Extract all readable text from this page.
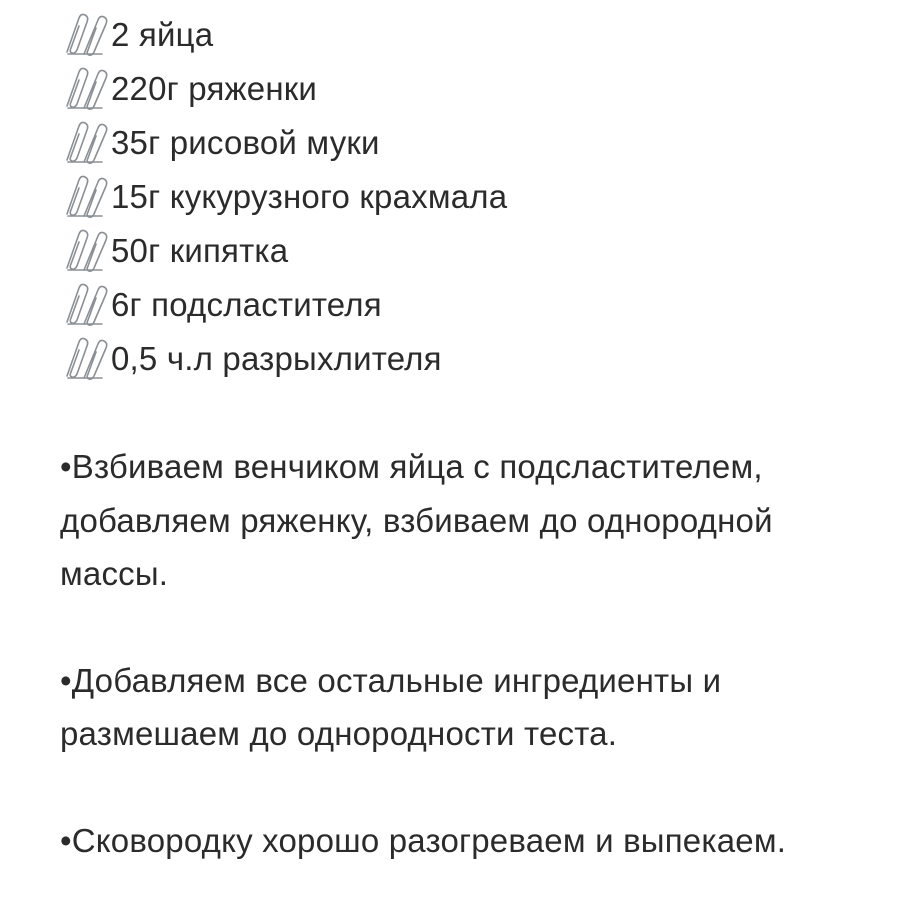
2 яйца
220г ряженки
35г рисовой муки
15г кукурузного крахмала
50г кипятка
6г подсластителя
0,5 ч.л разрыхлителя

•Взбиваем венчиком яйца с подсластителем, добавляем ряженку, взбиваем до однородной массы.

•Добавляем все остальные ингредиенты и размешаем до однородности теста.

•Сковородку хорошо разогреваем и выпекаем.
